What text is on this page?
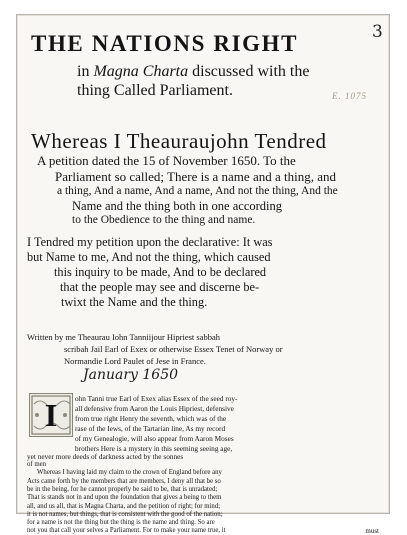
E. 1075
THE NATIONS RIGHT
in Magna Charta discussed with the
thing Called Parliament.
Whereas I Theauraujohn Tendred
A petition dated the 15 of November 1650. To the
Parliament so called; There is a name and a thing, and
a thing, And a name, And a name, And not the thing, And the
Name and the thing both in one according
to the Obedience to the thing and name.
I Tendred my petition upon the declarative: It was
but Name to me, And not the thing, which caused
this inquiry to be made, And to be declared
that the people may see and discerne be-
twixt the Name and the thing.
Written by me Theaurau Iohn Tanniijour Hipriest sabbah
scribah Jail Earl of Exex or otherwise Essex Tenet of Norway or
Normandie Lord Paulet of Jese in France.
January 1650
I	ohn Tanni true Earl of Exex alias Essex of the seed roy-
all defensive from Aaron the Louis Hipriest, defensive
from true right Henry the seventh, which was of the
rase of the Iews, of the Tartarian line, As my record
of my Genealogie, will also appear from Aaron Moses
brothers Here is a mystery in this seeming seeing age,
yet never more deeds of darkness acted by the sonnes
of men
Whereas I having laid my claim to the crown of England before any
Acts came forth by the members that are members, I deny all that be so
be in the being, for he cannot properly be said to be, that is unradated;
That is stands not in and upon the foundation that gives a being to them
all, and us all, that is Magna Charta, and the petition of right; for mind;
it is not names, but things, that is consistent with the good of the nation;
for a name is not the thing but the thing is the name and thing. So are
not you that call your selves a Parliament. For to make your name true, it	must
3
